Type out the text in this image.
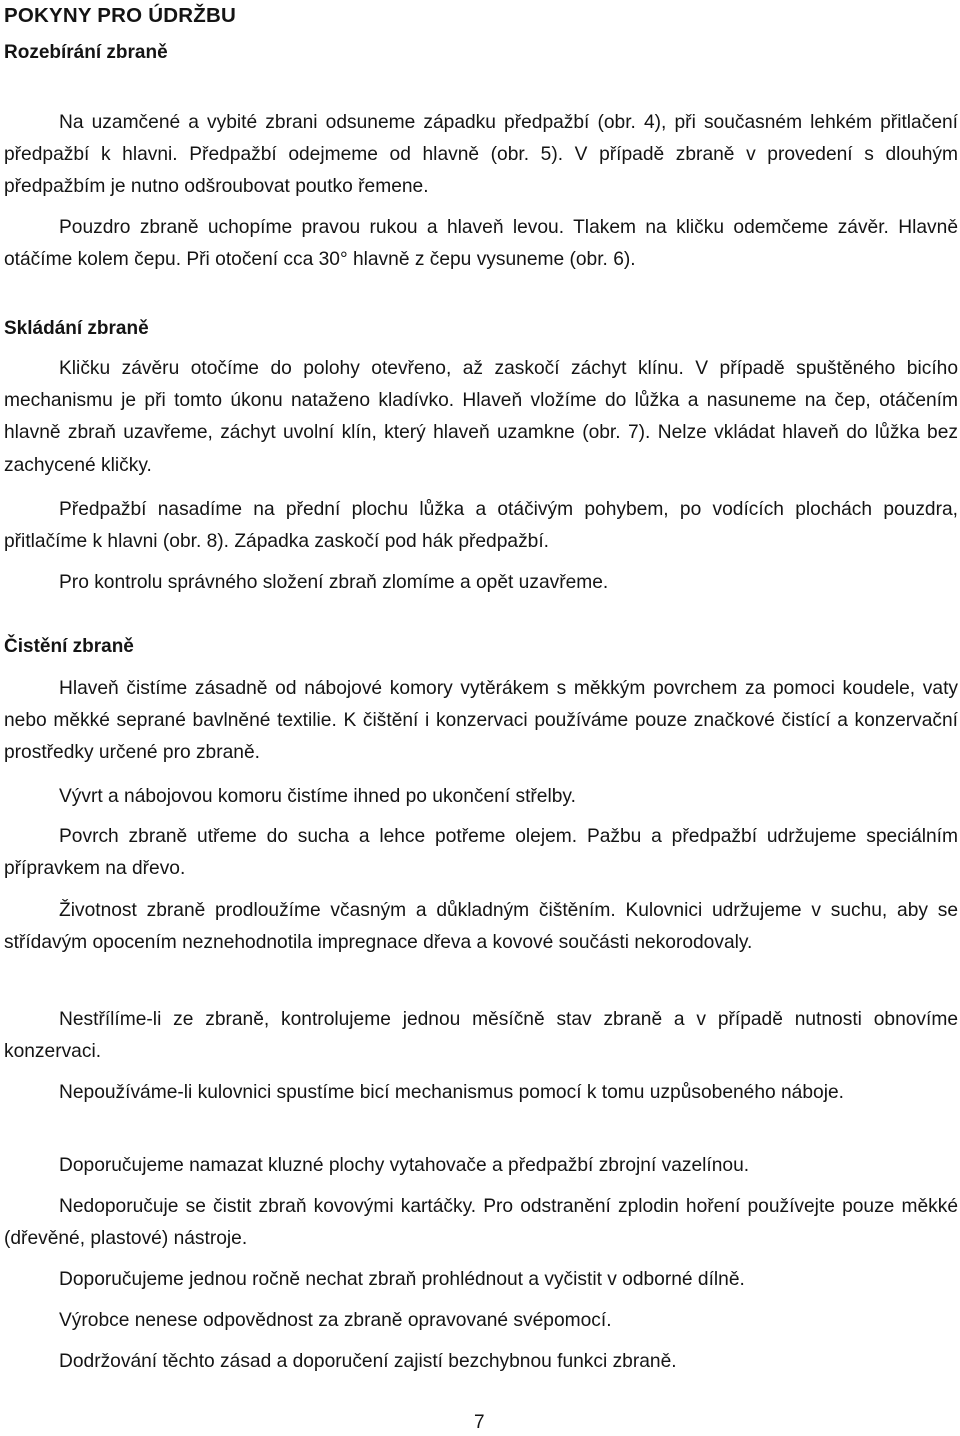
POKYNY PRO ÚDRŽBU
Rozebírání zbraně

Na uzamčené a vybité zbrani odsuneme západku předpažbí (obr. 4), při současném lehkém přitlačení předpažbí k hlavni. Předpažbí odejmeme od hlavně (obr. 5). V případě zbraně v provedení s dlouhým předpažbím je nutno odšroubovat poutko řemene.

Pouzdro zbraně uchopíme pravou rukou a hlaveň levou. Tlakem na kličku odemčeme závěr. Hlavně otáčíme kolem čepu. Při otočení cca 30° hlavně z čepu vysuneme (obr. 6).

Skládání zbraně

Kličku závěru otočíme do polohy otevřeno, až zaskočí záchyt klínu. V případě spuštěného bicího mechanismu je při tomto úkonu nataženo kladívko. Hlaveň vložíme do lůžka a nasuneme na čep, otáčením hlavně zbraň uzavřeme, záchyt uvolní klín, který hlaveň uzamkne (obr. 7). Nelze vkládat hlaveň do lůžka bez zachycené kličky.

Předpažbí nasadíme na přední plochu lůžka a otáčivým pohybem, po vodících plochách pouzdra, přitlačíme k hlavni (obr. 8). Západka zaskočí pod hák předpažbí.

Pro kontrolu správného složení zbraň zlomíme a opět uzavřeme.

Čistění zbraně

Hlaveň čistíme zásadně od nábojové komory vytěrákem s měkkým povrchem za pomoci koudele, vaty nebo měkké seprané bavlněné textilie. K čištění i konzervaci používáme pouze značkové čistící a konzervační prostředky určené pro zbraně.

Vývrt a nábojovou komoru čistíme ihned po ukončení střelby.

Povrch zbraně utřeme do sucha a lehce potřeme olejem. Pažbu a předpažbí udržujeme speciálním přípravkem na dřevo.

Životnost zbraně prodloužíme včasným a důkladným čištěním. Kulovnici udržujeme v suchu, aby se střídavým opocením neznehodnotila impregnace dřeva a kovové součásti nekorodovaly.

Nestřílíme-li ze zbraně, kontrolujeme jednou měsíčně stav zbraně a v případě nutnosti obnovíme konzervaci.

Nepoužíváme-li kulovnici spustíme bicí mechanismus pomocí k tomu uzpůsobeného náboje.

Doporučujeme namazat kluzné plochy vytahovače a předpažbí zbrojní vazelínou.

Nedoporučuje se čistit zbraň kovovými kartáčky. Pro odstranění zplodin hoření používejte pouze měkké (dřevěné, plastové) nástroje.

Doporučujeme jednou ročně nechat zbraň prohlédnout a vyčistit v odborné dílně.

Výrobce nenese odpovědnost za zbraně opravované svépomocí.

Dodržování těchto zásad a doporučení zajistí bezchybnou funkci zbraně.

7
